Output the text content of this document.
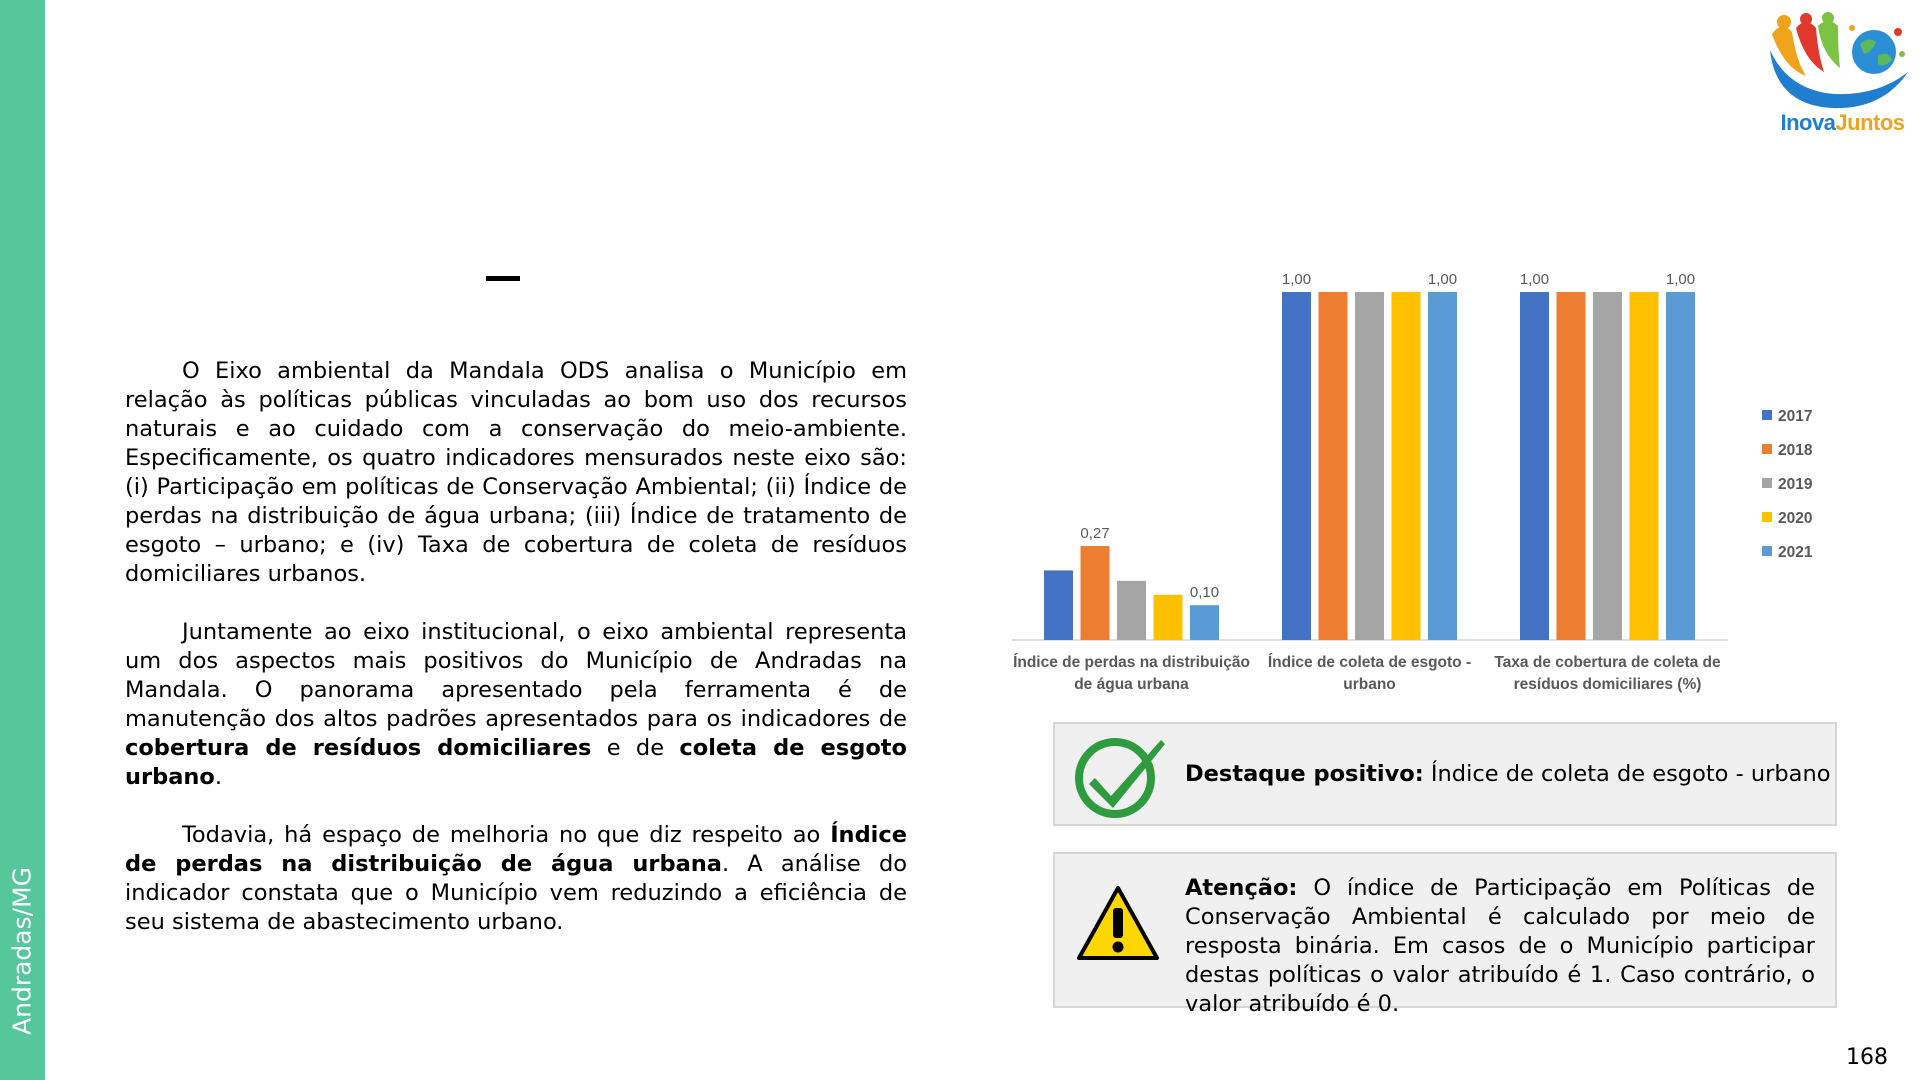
Andradas/MG
InovaJuntos

O Eixo ambiental da Mandala ODS analisa o Município em relação às políticas públicas vinculadas ao bom uso dos recursos naturais e ao cuidado com a conservação do meio-ambiente. Especificamente, os quatro indicadores mensurados neste eixo são: (i) Participação em políticas de Conservação Ambiental; (ii) Índice de perdas na distribuição de água urbana; (iii) Índice de tratamento de esgoto – urbano; e (iv) Taxa de cobertura de coleta de resíduos domiciliares urbanos.

Juntamente ao eixo institucional, o eixo ambiental representa um dos aspectos mais positivos do Município de Andradas na Mandala. O panorama apresentado pela ferramenta é de manutenção dos altos padrões apresentados para os indicadores de cobertura de resíduos domiciliares e de coleta de esgoto urbano.

Todavia, há espaço de melhoria no que diz respeito ao Índice de perdas na distribuição de água urbana. A análise do indicador constata que o Município vem reduzindo a eficiência de seu sistema de abastecimento urbano.

0,27
0,10
1,00	1,00	1,00	1,00
Índice de perdas na distribuição
de água urbana
Índice de coleta de esgoto -
urbano
Taxa de cobertura de coleta de
resíduos domiciliares (%)
2017
2018
2019
2020
2021
Destaque positivo: Índice de coleta de esgoto - urbano
Atenção: O índice de Participação em Políticas de Conservação Ambiental é calculado por meio de resposta binária. Em casos de o Município participar destas políticas o valor atribuído é 1. Caso contrário, o valor atribuído é 0.
168
